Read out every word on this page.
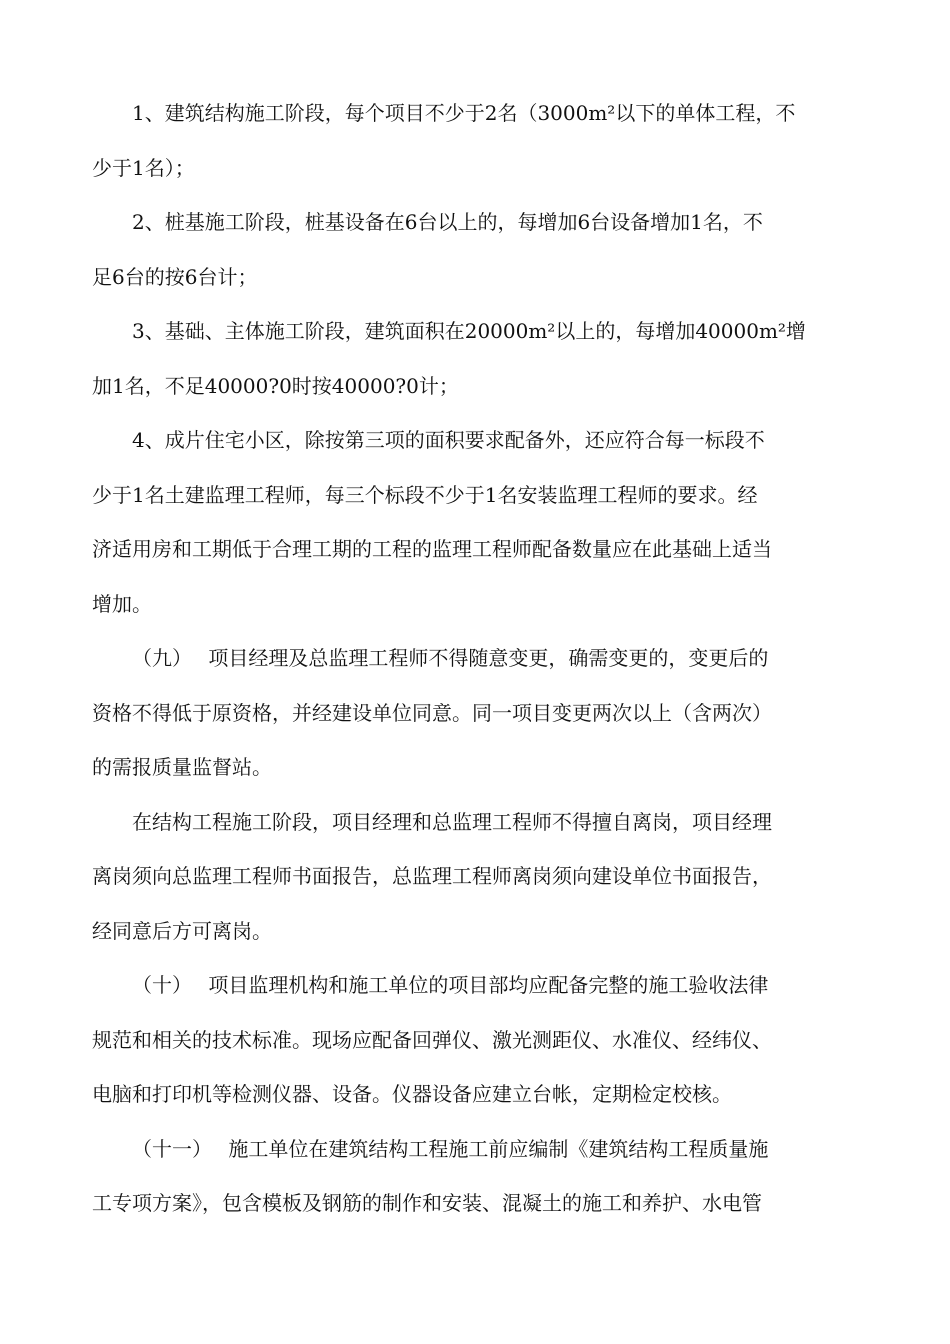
1、建筑结构施工阶段，每个项目不少于2名（3000m²以下的单体工程，不
少于1名）；

2、桩基施工阶段，桩基设备在6台以上的，每增加6台设备增加1名，不
足6台的按6台计；

3、基础、主体施工阶段，建筑面积在20000m²以上的，每增加40000m²增
加1名，不足40000?0时按40000?0计；

4、成片住宅小区，除按第三项的面积要求配备外，还应符合每一标段不
少于1名土建监理工程师，每三个标段不少于1名安装监理工程师的要求。经
济适用房和工期低于合理工期的工程的监理工程师配备数量应在此基础上适当
增加。

（九）　 项目经理及总监理工程师不得随意变更，确需变更的，变更后的
资格不得低于原资格，并经建设单位同意。同一项目变更两次以上（含两次）
的需报质量监督站。

在结构工程施工阶段，项目经理和总监理工程师不得擅自离岗，项目经理
离岗须向总监理工程师书面报告，总监理工程师离岗须向建设单位书面报告，
经同意后方可离岗。

（十）　 项目监理机构和施工单位的项目部均应配备完整的施工验收法律
规范和相关的技术标准。现场应配备回弹仪、激光测距仪、水准仪、经纬仪、
电脑和打印机等检测仪器、设备。仪器设备应建立台帐，定期检定校核。

（十一）　 施工单位在建筑结构工程施工前应编制《建筑结构工程质量施
工专项方案》，包含模板及钢筋的制作和安装、混凝土的施工和养护、水电管
